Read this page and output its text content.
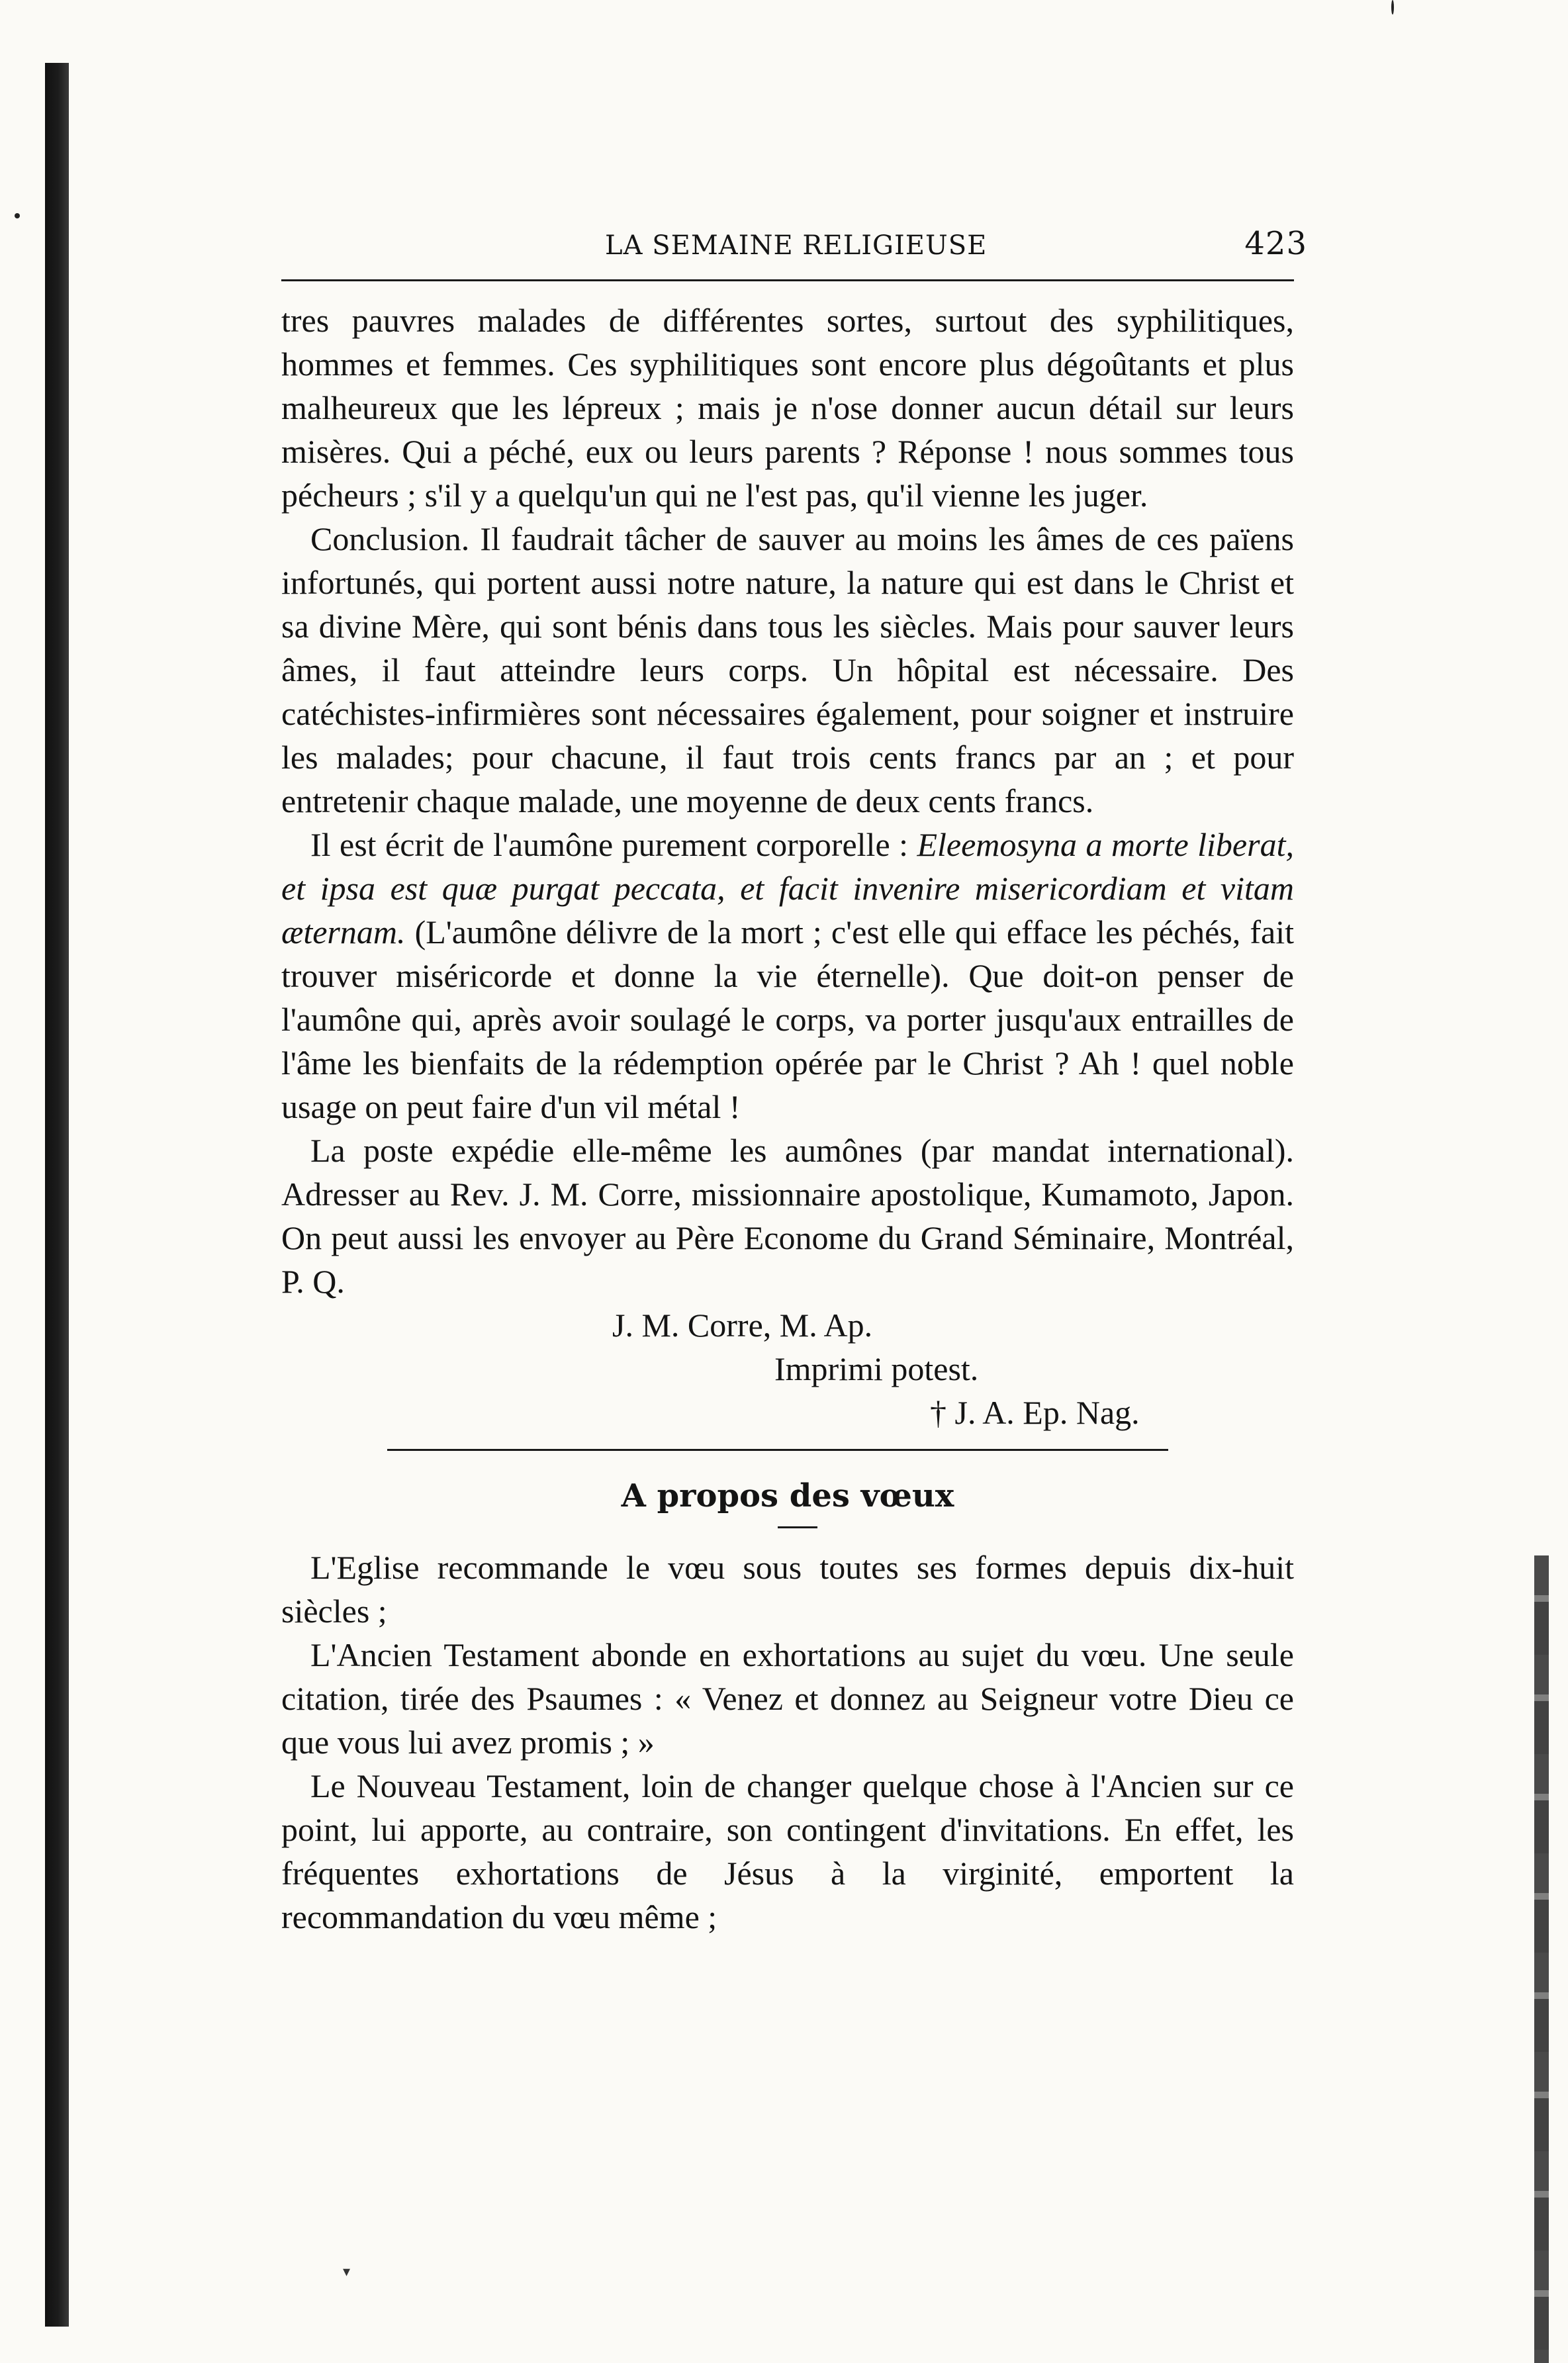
LA SEMAINE RELIGIEUSE	423

tres pauvres malades de différentes sortes, surtout des syphilitiques, hommes et femmes. Ces syphilitiques sont encore plus dégoûtants et plus malheureux que les lépreux ; mais je n'ose donner aucun détail sur leurs misères. Qui a péché, eux ou leurs parents ? Réponse ! nous sommes tous pécheurs ; s'il y a quelqu'un qui ne l'est pas, qu'il vienne les juger.

Conclusion. Il faudrait tâcher de sauver au moins les âmes de ces païens infortunés, qui portent aussi notre nature, la nature qui est dans le Christ et sa divine Mère, qui sont bénis dans tous les siècles. Mais pour sauver leurs âmes, il faut atteindre leurs corps. Un hôpital est nécessaire. Des catéchistes-infirmières sont nécessaires également, pour soigner et instruire les malades; pour chacune, il faut trois cents francs par an ; et pour entretenir chaque malade, une moyenne de deux cents francs.

Il est écrit de l'aumône purement corporelle : Eleemosyna a morte liberat, et ipsa est quæ purgat peccata, et facit invenire misericordiam et vitam æternam. (L'aumône délivre de la mort ; c'est elle qui efface les péchés, fait trouver miséricorde et donne la vie éternelle). Que doit-on penser de l'aumône qui, après avoir soulagé le corps, va porter jusqu'aux entrailles de l'âme les bienfaits de la rédemption opérée par le Christ ? Ah ! quel noble usage on peut faire d'un vil métal !

La poste expédie elle-même les aumônes (par mandat international). Adresser au Rev. J. M. Corre, missionnaire apostolique, Kumamoto, Japon. On peut aussi les envoyer au Père Econome du Grand Séminaire, Montréal, P. Q.

J. M. Corre, M. Ap.
Imprimi potest.
† J. A. Ep. Nag.
A propos des vœux

L'Eglise recommande le vœu sous toutes ses formes depuis dix-huit siècles ;

L'Ancien Testament abonde en exhortations au sujet du vœu. Une seule citation, tirée des Psaumes : « Venez et donnez au Seigneur votre Dieu ce que vous lui avez promis ; »

Le Nouveau Testament, loin de changer quelque chose à l'Ancien sur ce point, lui apporte, au contraire, son contingent d'invitations. En effet, les fréquentes exhortations de Jésus à la virginité, emportent la recommandation du vœu même ;

▾
